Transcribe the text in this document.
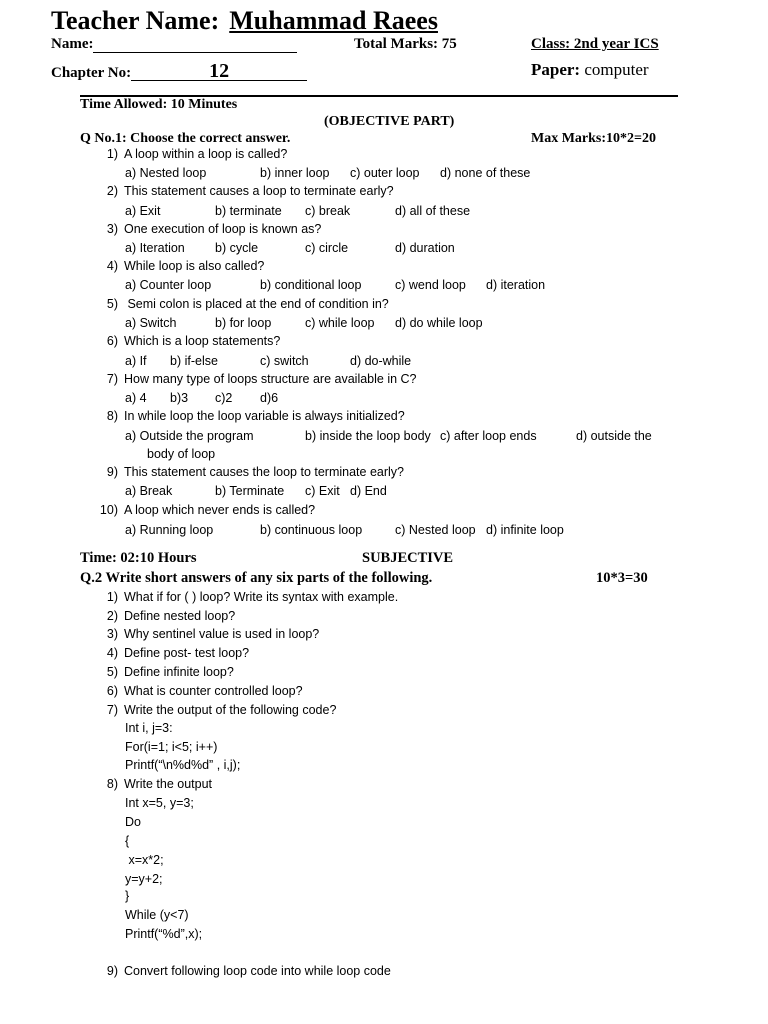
Teacher Name: Muhammad Raees
Name:	Total Marks: 75	Class: 2nd year ICS
Chapter No:	12	Paper: computer
Time Allowed: 10 Minutes
(OBJECTIVE PART)
Q No.1: Choose the correct answer.	Max Marks:10*2=20
1) A loop within a loop is called?
a) Nested loop	b) inner loop c) outer loop d) none of these
2) This statement causes a loop to terminate early?
a) Exit	b) terminate c) break	d) all of these
3) One execution of loop is known as?
a) Iteration b) cycle	c) circle	d) duration
4) While loop is also called?
a) Counter loop	b) conditional loop	c) wend loop d) iteration
5) Semi colon is placed at the end of condition in?
a) Switch	b) for loop	c) while loop d) do while loop
6) Which is a loop statements?
a) If b) if-else	c) switch	d) do-while
7) How many type of loops structure are available in C?
a) 4 b)3 c)2 d)6
8) In while loop the loop variable is always initialized?
a) Outside the program	b) inside the loop body c) after loop ends	d) outside the
body of loop
9) This statement causes the loop to terminate early?
a) Break	b) Terminate c) Exit d) End
10) A loop which never ends is called?
a) Running loop	b) continuous loop	c) Nested loop d) infinite loop
Time: 02:10 Hours	SUBJECTIVE
Q.2 Write short answers of any six parts of the following.	10*3=30
1) What if for ( ) loop? Write its syntax with example.
2) Define nested loop?
3) Why sentinel value is used in loop?
4) Define post- test loop?
5) Define infinite loop?
6) What is counter controlled loop?
7) Write the output of the following code?
Int i, j=3:
For(i=1; i<5; i++)
Printf(“\n%d%d” , i,j);
8) Write the output
Int x=5, y=3;
Do
{
x=x*2;
y=y+2;
}
While (y<7)
Printf(“%d”,x);
9) Convert following loop code into while loop code
